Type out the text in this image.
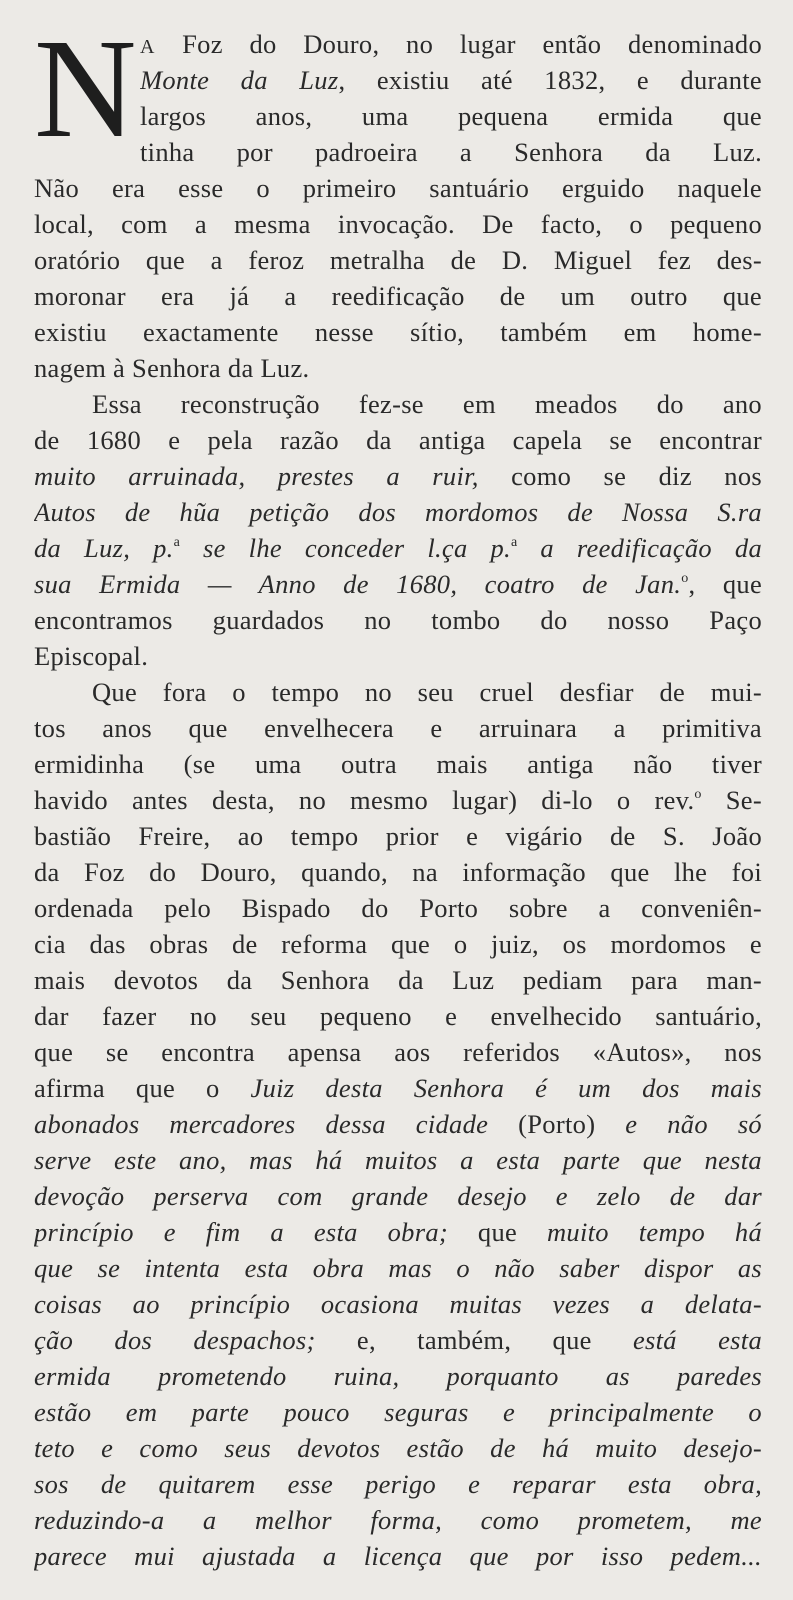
N A Foz do Douro, no lugar então denominado
Monte da Luz, existiu até 1832, e durante
largos anos, uma pequena ermida que
tinha por padroeira a Senhora da Luz.
Não era esse o primeiro santuário erguido naquele
local, com a mesma invocação. De facto, o pequeno
oratório que a feroz metralha de D. Miguel fez des-
moronar era já a reedificação de um outro que
existiu exactamente nesse sítio, também em home-
nagem à Senhora da Luz.
Essa reconstrução fez-se em meados do ano
de 1680 e pela razão da antiga capela se encontrar
muito arruinada, prestes a ruir, como se diz nos
Autos de hũa petição dos mordomos de Nossa S.ra
da Luz, p.$^a$ se lhe conceder l.ça p.$^a$ a reedificação da
sua Ermida — Anno de 1680, coatro de Jan.$^o$, que
encontramos guardados no tombo do nosso Paço
Episcopal.
Que fora o tempo no seu cruel desfiar de mui-
tos anos que envelhecera e arruinara a primitiva
ermidinha (se uma outra mais antiga não tiver
havido antes desta, no mesmo lugar) di-lo o rev.$^o$ Se-
bastião Freire, ao tempo prior e vigário de S. João
da Foz do Douro, quando, na informação que lhe foi
ordenada pelo Bispado do Porto sobre a conveniên-
cia das obras de reforma que o juiz, os mordomos e
mais devotos da Senhora da Luz pediam para man-
dar fazer no seu pequeno e envelhecido santuário,
que se encontra apensa aos referidos «Autos», nos
afirma que o Juiz desta Senhora é um dos mais
abonados mercadores dessa cidade (Porto) e não só
serve este ano, mas há muitos a esta parte que nesta
devoção perserva com grande desejo e zelo de dar
princípio e fim a esta obra; que muito tempo há
que se intenta esta obra mas o não saber dispor as
coisas ao princípio ocasiona muitas vezes a delata-
ção dos despachos; e, também, que está esta
ermida prometendo ruina, porquanto as paredes
estão em parte pouco seguras e principalmente o
teto e como seus devotos estão de há muito desejo-
sos de quitarem esse perigo e reparar esta obra,
reduzindo-a a melhor forma, como prometem, me
parece mui ajustada a licença que por isso pedem...
